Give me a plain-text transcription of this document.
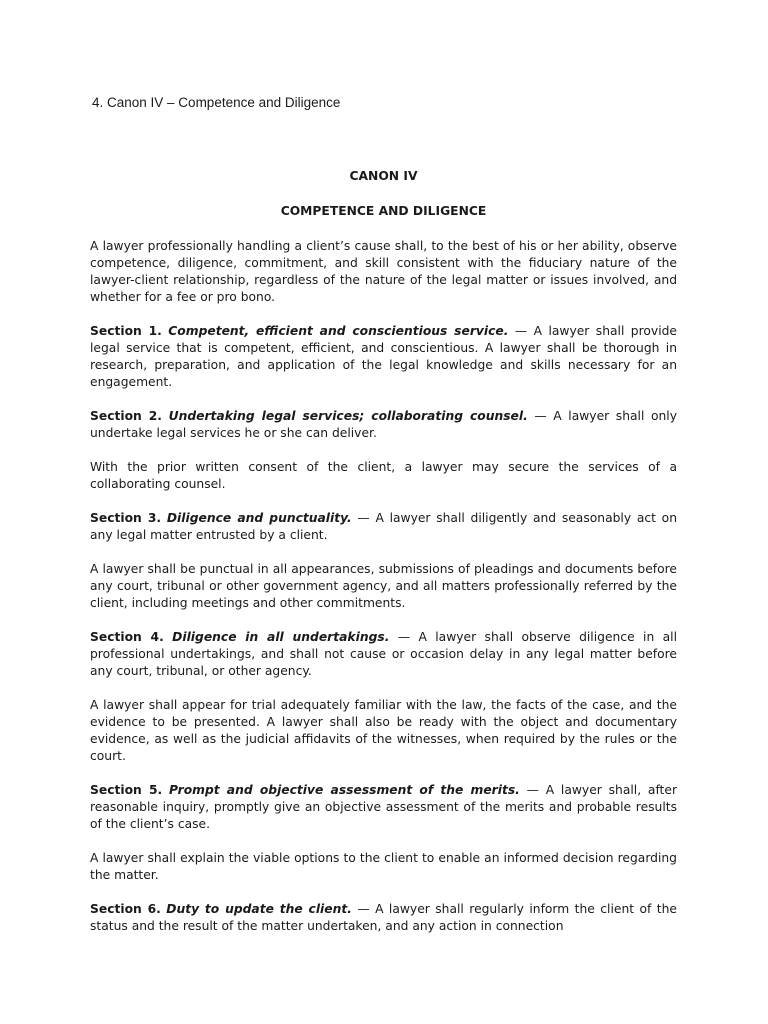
4. Canon IV – Competence and Diligence

CANON IV

COMPETENCE AND DILIGENCE

A lawyer professionally handling a client’s cause shall, to the best of his or her ability, observe competence, diligence, commitment, and skill consistent with the fiduciary nature of the lawyer-client relationship, regardless of the nature of the legal matter or issues involved, and whether for a fee or pro bono.

Section 1. Competent, efficient and conscientious service. — A lawyer shall provide legal service that is competent, efficient, and conscientious. A lawyer shall be thorough in research, preparation, and application of the legal knowledge and skills necessary for an engagement.

Section 2. Undertaking legal services; collaborating counsel. — A lawyer shall only undertake legal services he or she can deliver.

With the prior written consent of the client, a lawyer may secure the services of a collaborating counsel.

Section 3. Diligence and punctuality. — A lawyer shall diligently and seasonably act on any legal matter entrusted by a client.

A lawyer shall be punctual in all appearances, submissions of pleadings and documents before any court, tribunal or other government agency, and all matters professionally referred by the client, including meetings and other commitments.

Section 4. Diligence in all undertakings. — A lawyer shall observe diligence in all professional undertakings, and shall not cause or occasion delay in any legal matter before any court, tribunal, or other agency.

A lawyer shall appear for trial adequately familiar with the law, the facts of the case, and the evidence to be presented. A lawyer shall also be ready with the object and documentary evidence, as well as the judicial affidavits of the witnesses, when required by the rules or the court.

Section 5. Prompt and objective assessment of the merits. — A lawyer shall, after reasonable inquiry, promptly give an objective assessment of the merits and probable results of the client’s case.

A lawyer shall explain the viable options to the client to enable an informed decision regarding the matter.

Section 6. Duty to update the client. — A lawyer shall regularly inform the client of the status and the result of the matter undertaken, and any action in connection
